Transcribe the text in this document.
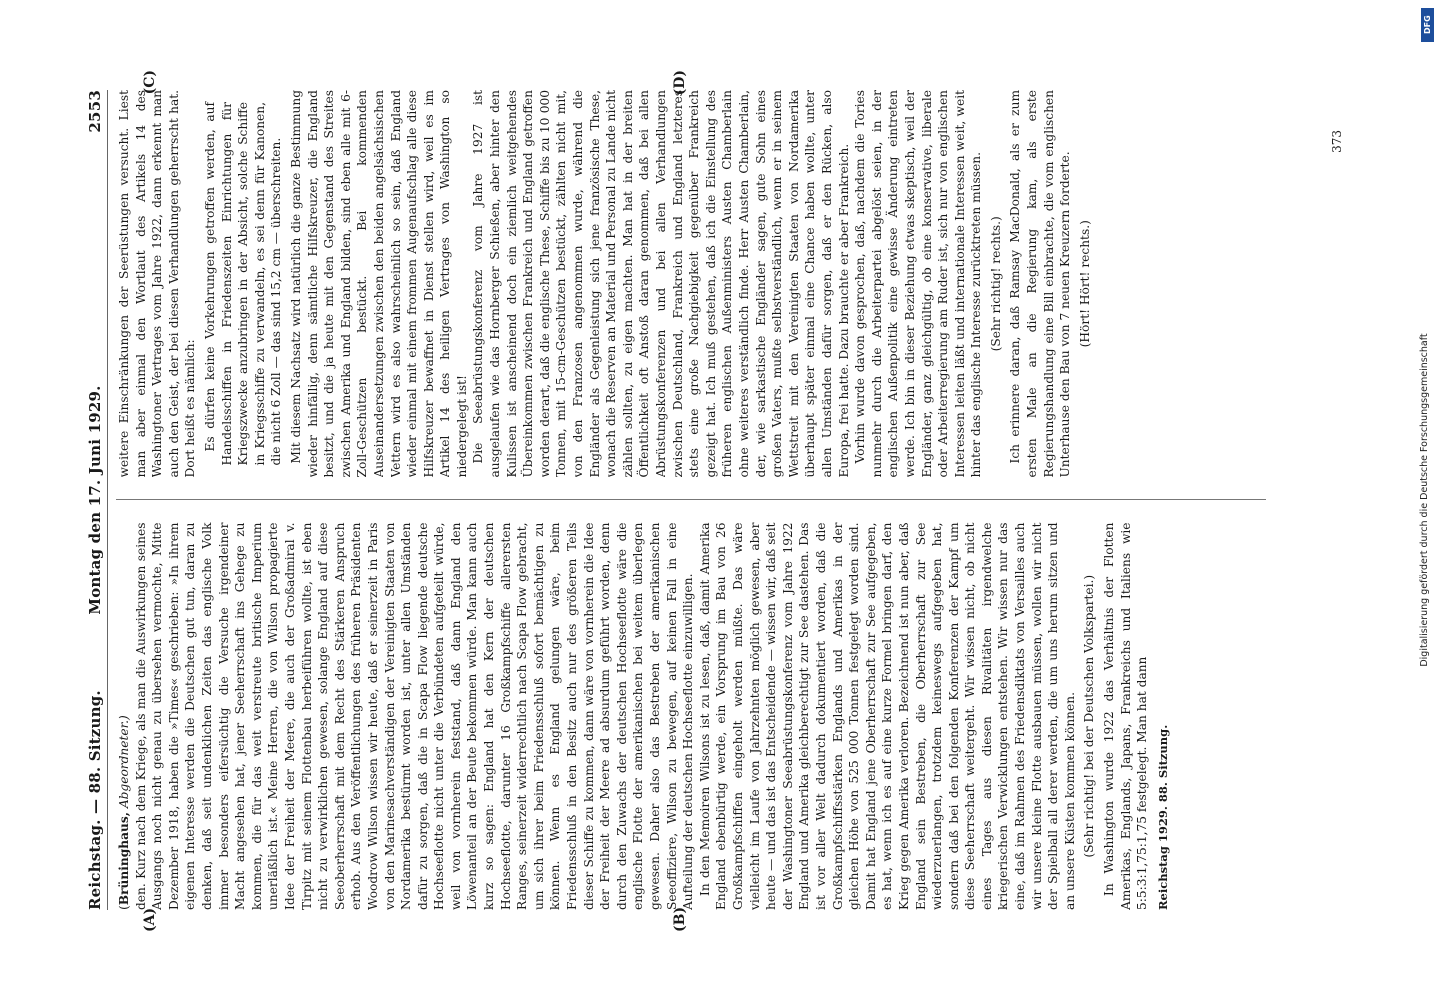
Reichstag. — 88. Sitzung.
Montag den 17. Juni 1929.
2553
(A)	(B)
(C)	(D)

(Brüninghaus, Abgeordneter.) den. Kurz nach dem Kriege, als man die Auswirkungen seines Ausgangs noch nicht genau zu übersehen vermochte, Mitte Dezember 1918, haben die »Times« geschrieben: »In ihrem eigenen Interesse werden die Deutschen gut tun, daran zu denken, daß seit undenklichen Zeiten das englische Volk immer besonders eifersüchtig die Versuche irgendeiner Macht angesehen hat, jener Seeherrschaft ins Gehege zu kommen, die für das weit verstreute britische Imperium unerläßlich ist.« Meine Herren, die von Wilson propagierte Idee der Freiheit der Meere, die auch der Großadmiral v. Tirpitz mit seinem Flottenbau herbeiführen wollte, ist eben nicht zu verwirklichen gewesen, solange England auf diese Seeoberherrschaft mit dem Recht des Stärkeren Anspruch erhob. Aus den Veröffentlichungen des früheren Präsidenten Woodrow Wilson wissen wir heute, daß er seinerzeit in Paris von den Marinesachverständigen der Vereinigten Staaten von Nordamerika bestürmt worden ist, unter allen Umständen dafür zu sorgen, daß die in Scapa Flow liegende deutsche Hochseeflotte nicht unter die Verbündeten aufgeteilt würde, weil von vornherein feststand, daß dann England den Löwenanteil an der Beute bekommen würde. Man kann auch kurz so sagen: England hat den Kern der deutschen Hochseeflotte, darunter 16 Großkampfschiffe allerersten Ranges, seinerzeit widerrechtlich nach Scapa Flow gebracht, um sich ihrer beim Friedensschluß sofort bemächtigen zu können. Wenn es England gelungen wäre, beim Friedensschluß in den Besitz auch nur des größeren Teils dieser Schiffe zu kommen, dann wäre von vornherein die Idee der Freiheit der Meere ad absurdum geführt worden, denn durch den Zuwachs der deutschen Hochseeflotte wäre die englische Flotte der amerikanischen bei weitem überlegen gewesen. Daher also das Bestreben der amerikanischen Seeoffiziere, Wilson zu bewegen, auf keinen Fall in eine Aufteilung der deutschen Hochseeflotte einzuwilligen. In den Memoiren Wilsons ist zu lesen, daß, damit Amerika England ebenbürtig werde, ein Vorsprung im Bau von 26 Großkampfschiffen eingeholt werden müßte. Das wäre vielleicht im Laufe von Jahrzehnten möglich gewesen, aber heute — und das ist das Entscheidende — wissen wir, daß seit der Washingtoner Seeabrüstungskonferenz vom Jahre 1922 England und Amerika gleichberechtigt zur See dastehen. Das ist vor aller Welt dadurch dokumentiert worden, daß die Großkampfschiffsstärken Englands und Amerikas in der gleichen Höhe von 525 000 Tonnen festgelegt worden sind. Damit hat England jene Oberherrschaft zur See aufgegeben, es hat, wenn ich es auf eine kurze Formel bringen darf, den Krieg gegen Amerika verloren. Bezeichnend ist nun aber, daß England sein Bestreben, die Oberherrschaft zur See wiederzuerlangen, trotzdem keineswegs aufgegeben hat, sondern daß bei den folgenden Konferenzen der Kampf um diese Seeherrschaft weitergeht. Wir wissen nicht, ob nicht eines Tages aus diesen Rivalitäten irgendwelche kriegerischen Verwicklungen entstehen. Wir wissen nur das eine, daß im Rahmen des Friedensdiktats von Versailles auch wir unsere kleine Flotte ausbauen müssen, wollen wir nicht der Spielball all derer werden, die um uns herum sitzen und an unsere Küsten kommen können. (Sehr richtig! bei der Deutschen Volkspartei.) In Washington wurde 1922 das Verhältnis der Flotten Amerikas, Englands, Japans, Frankreichs und Italiens wie 5:5:3:1,75:1,75 festgelegt. Man hat dann Reichstag 1929. 88. Sitzung.

weitere Einschränkungen der Seerüstungen versucht. Liest man aber einmal den Wortlaut des Artikels 14 des Washingtoner Vertrages vom Jahre 1922, dann erkennt man auch den Geist, der bei diesen Verhandlungen geherrscht hat. Dort heißt es nämlich: Es dürfen keine Vorkehrungen getroffen werden, auf Handelsschiffen in Friedenszeiten Einrichtungen für Kriegszwecke anzubringen in der Absicht, solche Schiffe in Kriegsschiffe zu verwandeln, es sei denn für Kanonen, die nicht 6 Zoll — das sind 15,2 cm — überschreiten. Mit diesem Nachsatz wird natürlich die ganze Bestimmung wieder hinfällig, denn sämtliche Hilfskreuzer, die England besitzt, und die ja heute mit den Gegenstand des Streites zwischen Amerika und England bilden, sind eben alle mit 6-Zoll-Geschützen bestückt. Bei kommenden Auseinandersetzungen zwischen den beiden angelsächsischen Vettern wird es also wahrscheinlich so sein, daß England wieder einmal mit einem frommen Augenaufschlag alle diese Hilfskreuzer bewaffnet in Dienst stellen wird, weil es im Artikel 14 des heiligen Vertrages von Washington so niedergelegt ist! Die Seeabrüstungskonferenz vom Jahre 1927 ist ausgelaufen wie das Hornberger Schießen, aber hinter den Kulissen ist anscheinend doch ein ziemlich weitgehendes Übereinkommen zwischen Frankreich und England getroffen worden derart, daß die englische These, Schiffe bis zu 10 000 Tonnen, mit 15-cm-Geschützen bestückt, zählten nicht mit, von den Franzosen angenommen wurde, während die Engländer als Gegenleistung sich jene französische These, wonach die Reserven an Material und Personal zu Lande nicht zählen sollten, zu eigen machten. Man hat in der breiten Öffentlichkeit oft Anstoß daran genommen, daß bei allen Abrüstungskonferenzen und bei allen Verhandlungen zwischen Deutschland, Frankreich und England letzteres stets eine große Nachgiebigkeit gegenüber Frankreich gezeigt hat. Ich muß gestehen, daß ich die Einstellung des früheren englischen Außenministers Austen Chamberlain ohne weiteres verständlich finde. Herr Austen Chamberlain, der, wie sarkastische Engländer sagen, gute Sohn eines großen Vaters, mußte selbstverständlich, wenn er in seinem Wettstreit mit den Vereinigten Staaten von Nordamerika überhaupt später einmal eine Chance haben wollte, unter allen Umständen dafür sorgen, daß er den Rücken, also Europa, frei hatte. Dazu brauchte er aber Frankreich. Vorhin wurde davon gesprochen, daß, nachdem die Tories nunmehr durch die Arbeiterpartei abgelöst seien, in der englischen Außenpolitik eine gewisse Änderung eintreten werde. Ich bin in dieser Beziehung etwas skeptisch, weil der Engländer, ganz gleichgültig, ob eine konservative, liberale oder Arbeiterregierung am Ruder ist, sich nur von englischen Interessen leiten läßt und internationale Interessen weit, weit hinter das englische Interesse zurücktreten müssen. (Sehr richtig! rechts.) Ich erinnere daran, daß Ramsay MacDonald, als er zum ersten Male an die Regierung kam, als erste Regierungshandlung eine Bill einbrachte, die vom englischen Unterhause den Bau von 7 neuen Kreuzern forderte. (Hört! Hört! rechts.)

373
Digitalisierung gefördert durch die Deutsche Forschungsgemeinschaft
DFG
